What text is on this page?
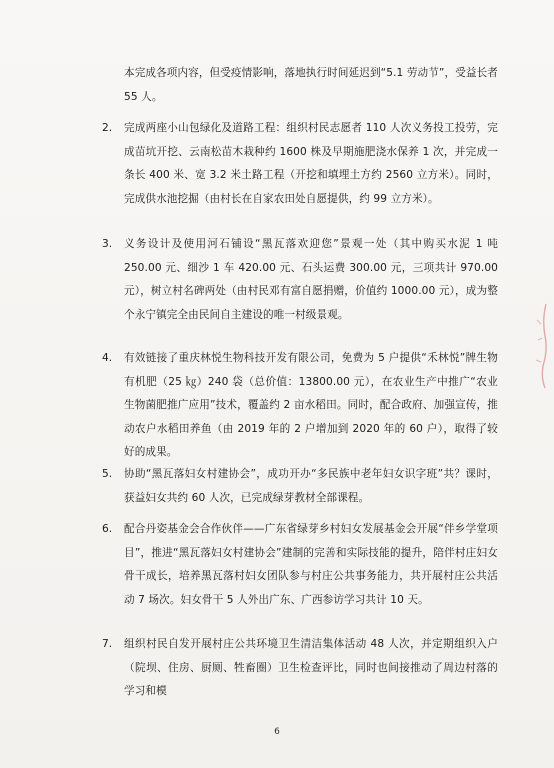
本完成各项内容，但受疫情影响，落地执行时间延迟到“5.1 劳动节”，受益长者 55 人。
2. 完成两座小山包绿化及道路工程：组织村民志愿者 110 人次义务投工投劳，完成苗坑开挖、云南松苗木栽种约 1600 株及早期施肥浇水保养 1 次，并完成一条长 400 米、宽 3.2 米土路工程（开挖和填埋土方约 2560 立方米）。同时，完成供水池挖掘（由村长在自家农田处自愿提供，约 99 立方米）。
3. 义务设计及使用河石铺设“黑瓦落欢迎您”景观一处（其中购买水泥 1 吨 250.00 元、细沙 1 车 420.00 元、石头运费 300.00 元，三项共计 970.00 元），树立村名碑两处（由村民邓有富自愿捐赠，价值约 1000.00 元），成为整个永宁镇完全由民间自主建设的唯一村级景观。
4. 有效链接了重庆林悦生物科技开发有限公司，免费为 5 户提供“禾林悦”牌生物有机肥（25 ㎏）240 袋（总价值：13800.00 元），在农业生产中推广“农业生物菌肥推广应用”技术，覆盖约 2 亩水稻田。同时，配合政府、加强宣传，推动农户水稻田养鱼（由 2019 年的 2 户增加到 2020 年的 60 户），取得了较好的成果。
5. 协助“黑瓦落妇女村建协会”，成功开办“多民族中老年妇女识字班”共？课时，获益妇女共约 60 人次，已完成绿芽教材全部课程。
6. 配合丹姿基金会合作伙伴——广东省绿芽乡村妇女发展基金会开展“伴乡学堂项目”，推进“黑瓦落妇女村建协会”建制的完善和实际技能的提升，陪伴村庄妇女骨干成长，培养黑瓦落村妇女团队参与村庄公共事务能力，共开展村庄公共活动 7 场次。妇女骨干 5 人外出广东、广西参访学习共计 10 天。
7. 组织村民自发开展村庄公共环境卫生清洁集体活动 48 人次，并定期组织入户（院坝、住房、厨厕、牲畜圈）卫生检查评比，同时也间接推动了周边村落的学习和模
6
